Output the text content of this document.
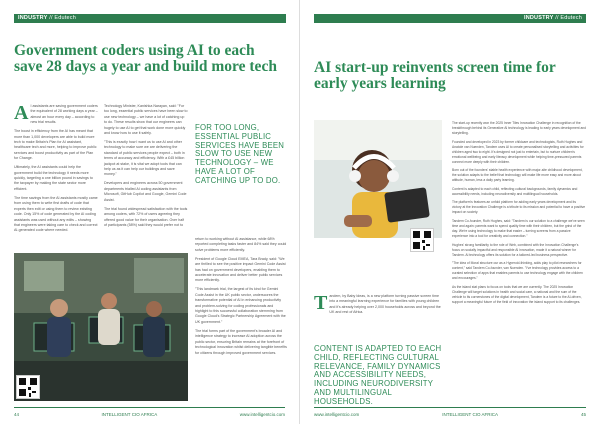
INDUSTRY // Edutech
Government coders using AI to each save 28 days a year and build more tech

A I assistants are saving government coders the equivalent of 28 working days a year – almost an hour every day – according to new trial results.

The boost in efficiency from the AI has meant that more than 1,000 developers are able to build more tech to make Britain's Plan for AI assistant, healthcare tech and more, helping to improve public services and boost productivity as part of the Plan for Change.

Ultimately, the AI assistants could help the government build the technology it needs more quickly, targeting a one billion pound in savings to the taxpayer by making the state sector more efficient.

The time savings from the AI assistants mostly came from using them to write first drafts of code that experts then edit or using them to review existing code. Only 15% of code generated by the AI coding assistants was used without any edits – showing that engineers were taking care to check and correct AI-generated code where needed.

Technology Minister, Kanishka Narayan, said: "For too long, essential public services have been slow to use new technology – we have a lot of catching up to do. These results show that our engineers can hugely to use AI to get that work done more quickly and know how to use it safely.

"This is exactly how I want us to use AI and other technology to make sure we are delivering the standard of public services people expect – both in terms of accuracy and efficiency. With a £45 billion jackpot at stake, it is vital we adopt tools that can help us as it can help our buildings and save money."

Developers and engineers across 50 government departments trialled AI coding assistants from Microsoft, GitHub Copilot and Google, Gemini Code Assist.

The trial found widespread satisfaction with the tools among coders, with 72% of users agreeing they offered good value for their organisation. Over half of participants (58%) said they would prefer not to

FOR TOO LONG, ESSENTIAL PUBLIC SERVICES HAVE BEEN SLOW TO USE NEW TECHNOLOGY – WE HAVE A LOT OF CATCHING UP TO DO.

return to working without AI assistance, while 68% reported completing tasks faster and 84% said they could solve problems more efficiently.

President of Google Cloud EMEA, Tara Brady, said: "We are thrilled to see the positive impact Gemini Code Assist has had on government developers, enabling them to accelerate innovation and deliver better public services more efficiently.

"This landmark trial, the largest of its kind for Gemini Code Assist in the UK public sector, underscores the transformative potential of AI in enhancing productivity and problem-solving for coding professionals and highlight to this successful collaboration stemming from Google Cloud's Strategic Partnership Agreement with the UK government."

The trial forms part of the government's broader AI and intelligence strategy to increase AI adoption across the public sector, ensuring Britain remains at the forefront of technological innovation whilst delivering tangible benefits for citizens through improved government services.

44	INTELLIGENT CIO AFRICA	www.intelligentcio.com
INDUSTRY // Edutech
AI start-up reinvents screen time for early years learning

Tandem, by Baby Ideas, is a new platform turning passive screen time into a meaningful learning experience for families with young children and it's already helping over 2,000 households across and beyond the UK and rest of Africa.

CONTENT IS ADAPTED TO EACH CHILD, REFLECTING CULTURAL RELEVANCE, FAMILY DYNAMICS AND ACCESSIBILITY NEEDS, INCLUDING NEURODIVERSITY AND MULTILINGUAL HOUSEHOLDS.

The start-up recently won the 2025 Inner Tiles Innovation Challenge in recognition of the breakthrough behind its Generative AI technology is leading to early years development and storytelling.

Founded and developed in 2023 by former childcare and technologists, Ruth Hughes and Anatole van Nuenden, Tandem uses AI to create personalised storytelling and activities for children aged two to eight. It's designed not just to entertain, but to nurture children's emotional wellbeing and early literacy development while helping time-pressured parents connect more deeply with their children.

Born out of the founders' stable health experience with major-site childhood development, the solution adapts to the belief that technology will make life more easy and more about attitude, human, less a daily party learning.

Content is adapted to each child, reflecting cultural backgrounds, family dynamics and accessibility needs, including neurodiversity and multilingual households.

The platform's features an unfold platform for adding early years development and its victory at the Innovation Challenge is a tribute to its mission and potential to have a positive impact on society.

Tandem Co-founder, Ruth Hughes, said: "Tandem is our solution to a challenge we've seen time and again: parents want to spend quality time with their children, but the grind of the day. We're using technology to make that easier – turning screens from a passive experience into a tool for creativity and connection."

Hughes' strong familiarity to the role of Web, combined with the Innovation Challenge's focus on socially impactful and responsible AI innovation, made it a natural winner for Tandem. Ai technology offers its solution for a tailored-led business perspective.

"The idea of Moral structure our as a Hyperoid-thinking, adds play to pilot researchers for content," said Tandem Co-founder, van Nuenden. "I've technology provides access to a curated selection of apps that enables parents to use technology engage with the children and encourages."

As the island stat plans to focus on tools that we are currently. The 2025 Innovation Challenge will target solutions in health and social care, a national and the sum of the vehicle to its cornerstones of the digital development, Tandem is a future to the AI-driven, support a meaningful future of the field of innovation the island support to its challenges.

www.intelligentcio.com	INTELLIGENT CIO AFRICA	45
